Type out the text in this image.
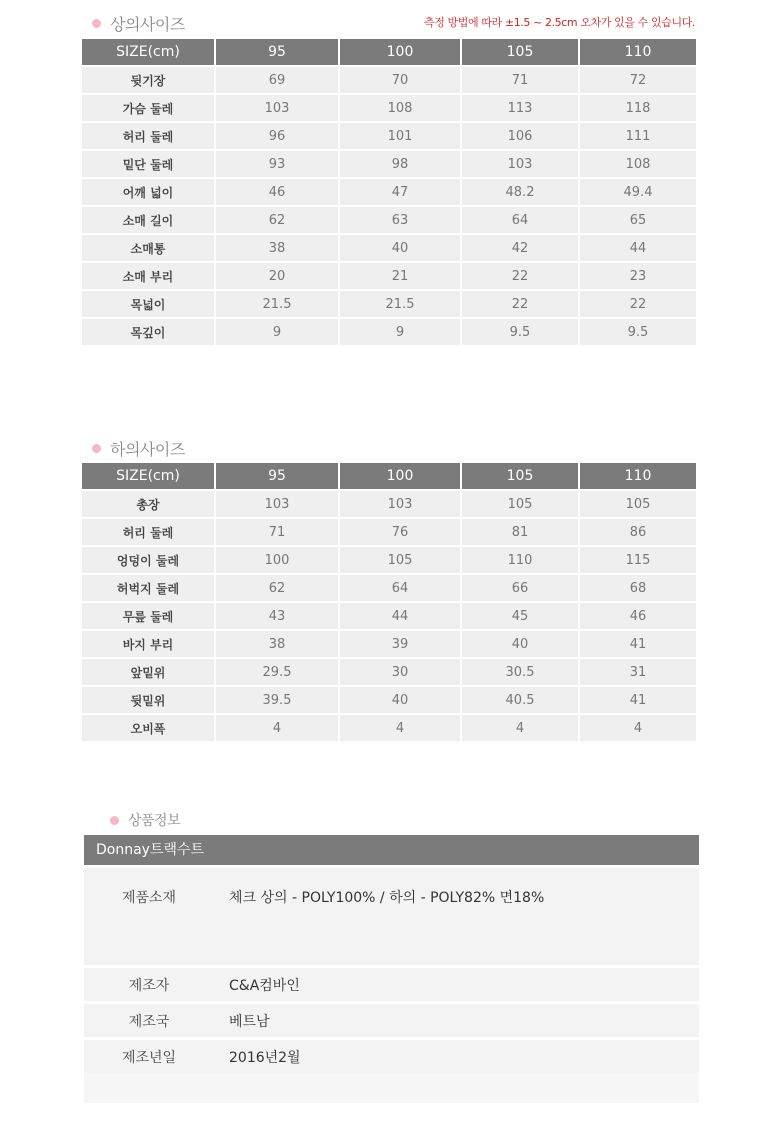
상의사이즈	측정 방법에 따라 ±1.5 ~ 2.5cm 오차가 있을 수 있습니다.
SIZE(cm)	95	100	105	110
뒷기장	69	70	71	72
가슴 둘레	103	108	113	118
허리 둘레	96	101	106	111
밑단 둘레	93	98	103	108
어깨 넓이	46	47	48.2	49.4
소매 길이	62	63	64	65
소매통	38	40	42	44
소매 부리	20	21	22	23
목넓이	21.5	21.5	22	22
목깊이	9	9	9.5	9.5
하의사이즈
SIZE(cm)	95	100	105	110
총장	103	103	105	105
허리 둘레	71	76	81	86
엉덩이 둘레	100	105	110	115
허벅지 둘레	62	64	66	68
무릎 둘레	43	44	45	46
바지 부리	38	39	40	41
앞밑위	29.5	30	30.5	31
뒷밑위	39.5	40	40.5	41
오비폭	4	4	4	4
상품정보
Donnay트랙수트
제품소재	체크 상의 - POLY100% / 하의 - POLY82% 면18%
제조자	C&A컴바인
제조국	베트남
제조년일	2016년2월
